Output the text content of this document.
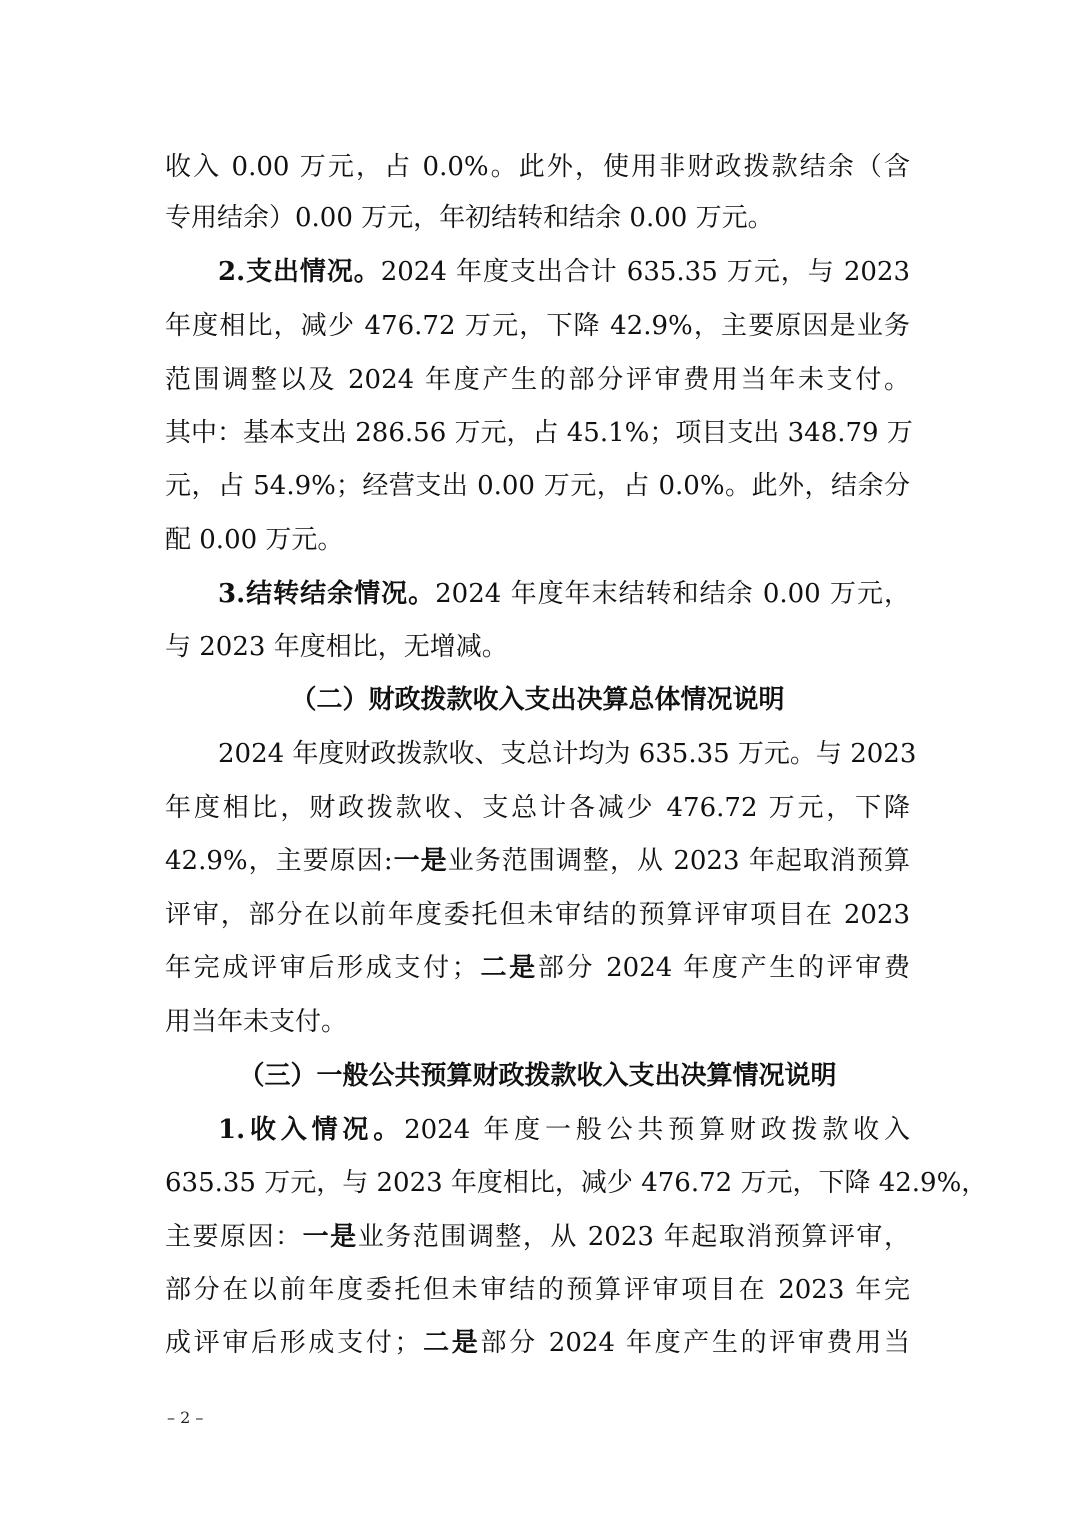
收入 0.00 万元，占 0.0%。此外，使用非财政拨款结余（含
专用结余）0.00 万元，年初结转和结余 0.00 万元。
2.支出情况。2024 年度支出合计 635.35 万元，与 2023
年度相比，减少 476.72 万元，下降 42.9%，主要原因是业务
范围调整以及 2024 年度产生的部分评审费用当年未支付。
其中：基本支出 286.56 万元，占 45.1%；项目支出 348.79 万
元，占 54.9%；经营支出 0.00 万元，占 0.0%。此外，结余分
配 0.00 万元。
3.结转结余情况。2024 年度年末结转和结余 0.00 万元，
与 2023 年度相比，无增减。
（二）财政拨款收入支出决算总体情况说明
2024 年度财政拨款收、支总计均为 635.35 万元。与 2023
年度相比，财政拨款收、支总计各减少 476.72 万元，下降
42.9%，主要原因:一是业务范围调整，从 2023 年起取消预算
评审，部分在以前年度委托但未审结的预算评审项目在 2023
年完成评审后形成支付；二是部分 2024 年度产生的评审费
用当年未支付。
（三）一般公共预算财政拨款收入支出决算情况说明
1.收入情况。2024 年度一般公共预算财政拨款收入
635.35 万元，与 2023 年度相比，减少 476.72 万元，下降 42.9%，
主要原因：一是业务范围调整，从 2023 年起取消预算评审，
部分在以前年度委托但未审结的预算评审项目在 2023 年完
成评审后形成支付；二是部分 2024 年度产生的评审费用当
– 2 –
